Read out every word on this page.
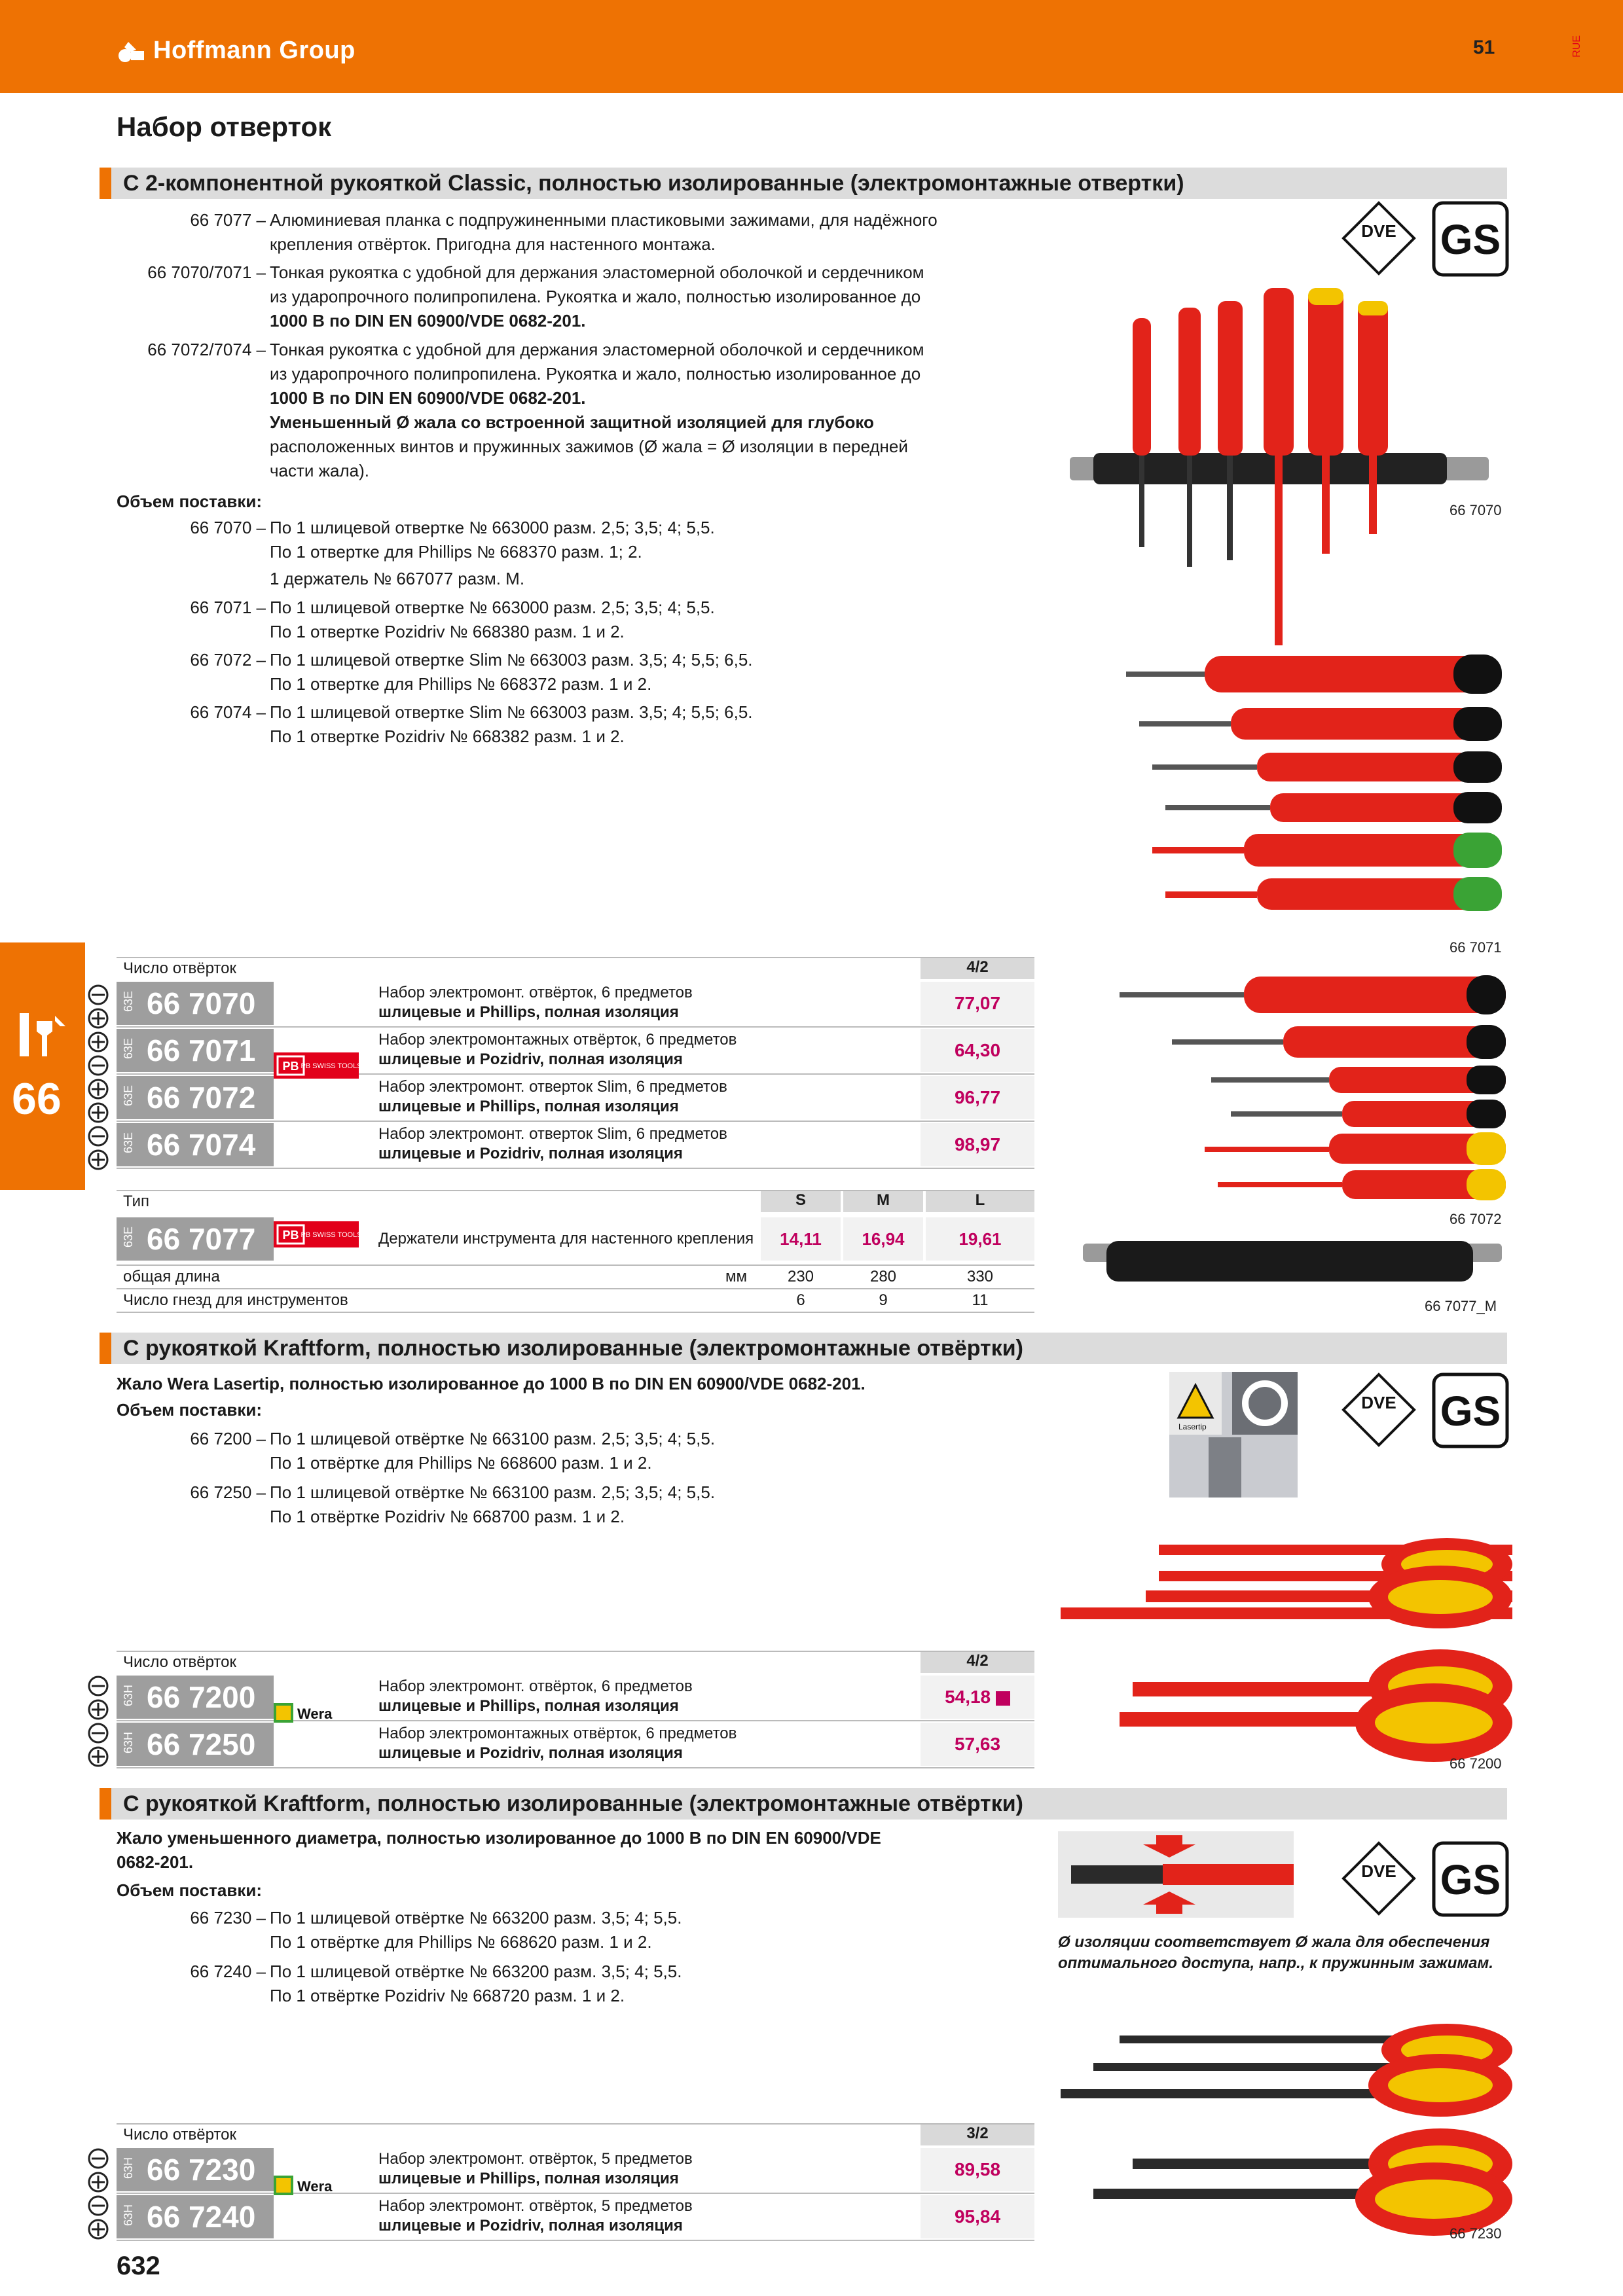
Hoffmann Group	51	RUE
66
Набор отверток
С 2-компонентной рукояткой Classic, полностью изолированные (электромонтажные отвертки)
66 7077 – Алюминиевая планка с подпружиненными пластиковыми зажимами, для надёжного
крепления отвёрток. Пригодна для настенного монтажа.
66 7070/7071 – Тонкая рукоятка с удобной для держания эластомерной оболочкой и сердечником
из ударопрочного полипропилена. Рукоятка и жало, полностью изолированное до
1000 В по DIN EN 60900/VDE 0682-201.
66 7072/7074 – Тонкая рукоятка с удобной для держания эластомерной оболочкой и сердечником
из ударопрочного полипропилена. Рукоятка и жало, полностью изолированное до
1000 В по DIN EN 60900/VDE 0682-201.
Уменьшенный Ø жала со встроенной защитной изоляцией для глубоко
расположенных винтов и пружинных зажимов (Ø жала = Ø изоляции в передней
части жала).
Объем поставки:
66 7070 – По 1 шлицевой отвертке № 663000 разм. 2,5; 3,5; 4; 5,5.
По 1 отвертке для Phillips № 668370 разм. 1; 2.
1 держатель № 667077 разм. M.
66 7071 – По 1 шлицевой отвертке № 663000 разм. 2,5; 3,5; 4; 5,5.
По 1 отвертке Pozidriv № 668380 разм. 1 и 2.
66 7072 – По 1 шлицевой отвертке Slim № 663003 разм. 3,5; 4; 5,5; 6,5.
По 1 отвертке для Phillips № 668372 разм. 1 и 2.
66 7074 – По 1 шлицевой отвертке Slim № 663003 разм. 3,5; 4; 5,5; 6,5.
По 1 отвертке Pozidriv № 668382 разм. 1 и 2.
DVE GS
66 7070
66 7071
66 7072
66 7077_M
Число отвёрток	4/2
63E 66 7070	Набор электромонт. отвёрток, 6 предметов
шлицевые и Phillips, полная изоляция	77,07
63E 66 7071	Набор электромонтажных отвёрток, 6 предметов
шлицевые и Pozidriv, полная изоляция	64,30
63E 66 7072	Набор электромонт. отверток Slim, 6 предметов
шлицевые и Phillips, полная изоляция	96,77
63E 66 7074	Набор электромонт. отверток Slim, 6 предметов
шлицевые и Pozidriv, полная изоляция	98,97
PB PB SWISS TOOLS
Тип	S	M	L
63E 66 7077 PB PB SWISS TOOLS Держатели инструмента для настенного крепления	14,11	16,94	19,61
общая длина	мм	230	280	330
Число гнезд для инструментов	6	9	11
С рукояткой Kraftform, полностью изолированные (электромонтажные отвёртки)
Жало Wera Lasertip, полностью изолированное до 1000 В по DIN EN 60900/VDE 0682-201.
Объем поставки:
66 7200 – По 1 шлицевой отвёртке № 663100 разм. 2,5; 3,5; 4; 5,5.
По 1 отвёртке для Phillips № 668600 разм. 1 и 2.
66 7250 – По 1 шлицевой отвёртке № 663100 разм. 2,5; 3,5; 4; 5,5.
По 1 отвёртке Pozidriv № 668700 разм. 1 и 2.
Lasertip
DVE GS
66 7200
Число отвёрток	4/2
63H 66 7200	Набор электромонт. отвёрток, 6 предметов
шлицевые и Phillips, полная изоляция	54,18
63H 66 7250	Набор электромонтажных отвёрток, 6 предметов
шлицевые и Pozidriv, полная изоляция	57,63
Wera
С рукояткой Kraftform, полностью изолированные (электромонтажные отвёртки)
Жало уменьшенного диаметра, полностью изолированное до 1000 В по DIN EN 60900/VDE
0682-201.
Объем поставки:
66 7230 – По 1 шлицевой отвёртке № 663200 разм. 3,5; 4; 5,5.
По 1 отвёртке для Phillips № 668620 разм. 1 и 2.
66 7240 – По 1 шлицевой отвёртке № 663200 разм. 3,5; 4; 5,5.
По 1 отвёртке Pozidriv № 668720 разм. 1 и 2.
Ø изоляции соответствует Ø жала для обеспечения
оптимального доступа, напр., к пружинным зажимам.
DVE GS
66 7230
Число отвёрток	3/2
63H 66 7230	Набор электромонт. отвёрток, 5 предметов
шлицевые и Phillips, полная изоляция	89,58
63H 66 7240	Набор электромонт. отвёрток, 5 предметов
шлицевые и Pozidriv, полная изоляция	95,84
Wera
632
